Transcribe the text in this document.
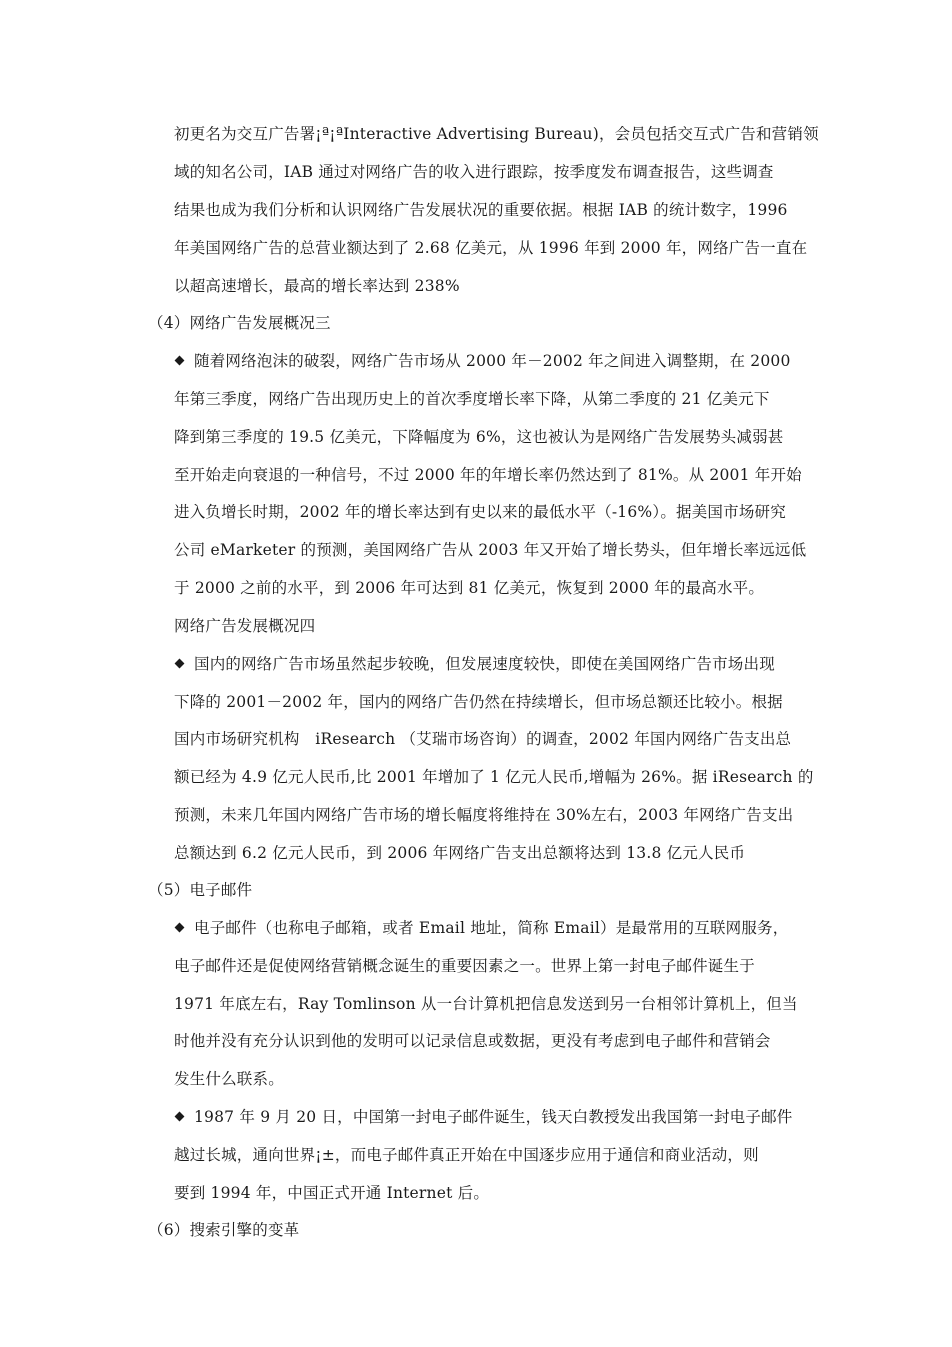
初更名为交互广告署¡ª¡ªInteractive Advertising Bureau)，会员包括交互式广告和营销领
域的知名公司，IAB 通过对网络广告的收入进行跟踪，按季度发布调查报告，这些调查
结果也成为我们分析和认识网络广告发展状况的重要依据。根据 IAB 的统计数字，1996
年美国网络广告的总营业额达到了 2.68 亿美元，从 1996 年到 2000 年，网络广告一直在
以超高速增长，最高的增长率达到 238%
（4）网络广告发展概况三
随着网络泡沫的破裂，网络广告市场从 2000 年－2002 年之间进入调整期，在 2000
年第三季度，网络广告出现历史上的首次季度增长率下降，从第二季度的 21 亿美元下
降到第三季度的 19.5 亿美元，下降幅度为 6%，这也被认为是网络广告发展势头减弱甚
至开始走向衰退的一种信号，不过 2000 年的年增长率仍然达到了 81%。从 2001 年开始
进入负增长时期，2002 年的增长率达到有史以来的最低水平（-16%）。据美国市场研究
公司 eMarketer 的预测，美国网络广告从 2003 年又开始了增长势头，但年增长率远远低
于 2000 之前的水平，到 2006 年可达到 81 亿美元，恢复到 2000 年的最高水平。
网络广告发展概况四
国内的网络广告市场虽然起步较晚，但发展速度较快，即使在美国网络广告市场出现
下降的 2001－2002 年，国内的网络广告仍然在持续增长，但市场总额还比较小。根据
国内市场研究机构　iResearch （艾瑞市场咨询）的调查，2002 年国内网络广告支出总
额已经为 4.9 亿元人民币,比 2001 年增加了 1 亿元人民币,增幅为 26%。据 iResearch 的
预测，未来几年国内网络广告市场的增长幅度将维持在 30%左右，2003 年网络广告支出
总额达到 6.2 亿元人民币，到 2006 年网络广告支出总额将达到 13.8 亿元人民币
（5）电子邮件
电子邮件（也称电子邮箱，或者 Email 地址，简称 Email）是最常用的互联网服务，
电子邮件还是促使网络营销概念诞生的重要因素之一。世界上第一封电子邮件诞生于
1971 年底左右，Ray Tomlinson 从一台计算机把信息发送到另一台相邻计算机上，但当
时他并没有充分认识到他的发明可以记录信息或数据，更没有考虑到电子邮件和营销会
发生什么联系。
1987 年 9 月 20 日，中国第一封电子邮件诞生，钱天白教授发出我国第一封电子邮件
越过长城，通向世界¡±，而电子邮件真正开始在中国逐步应用于通信和商业活动，则
要到 1994 年，中国正式开通 Internet 后。
（6）搜索引擎的变革
